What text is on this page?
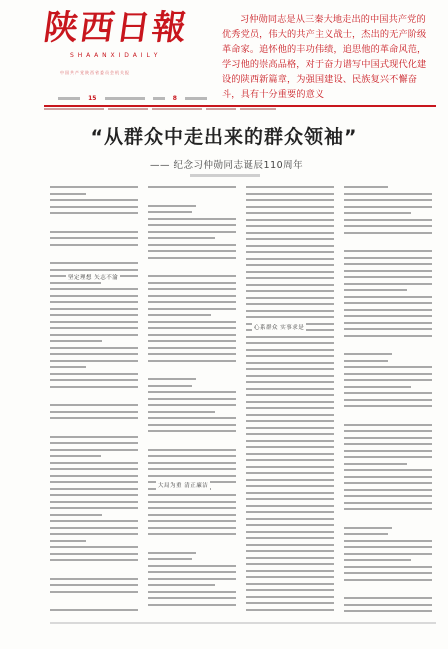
陕西日報
S H A A N X I D A I L Y
中国共产党陕西省委员会机关报
习仲勋同志是从三秦大地走出的中国共产党的优秀党员，伟大的共产主义战士，杰出的无产阶级革命家。追怀他的丰功伟绩，追思他的革命风范，学习他的崇高品格，对于奋力谱写中国式现代化建设的陕西新篇章，为强国建设、民族复兴不懈奋斗，具有十分重要的意义
15	8
“从群众中走出来的群众领袖”
—— 纪念习仲勋同志诞辰110周年
坚定理想 矢志不渝
心系群众 实事求是
大局为重 清正廉洁
